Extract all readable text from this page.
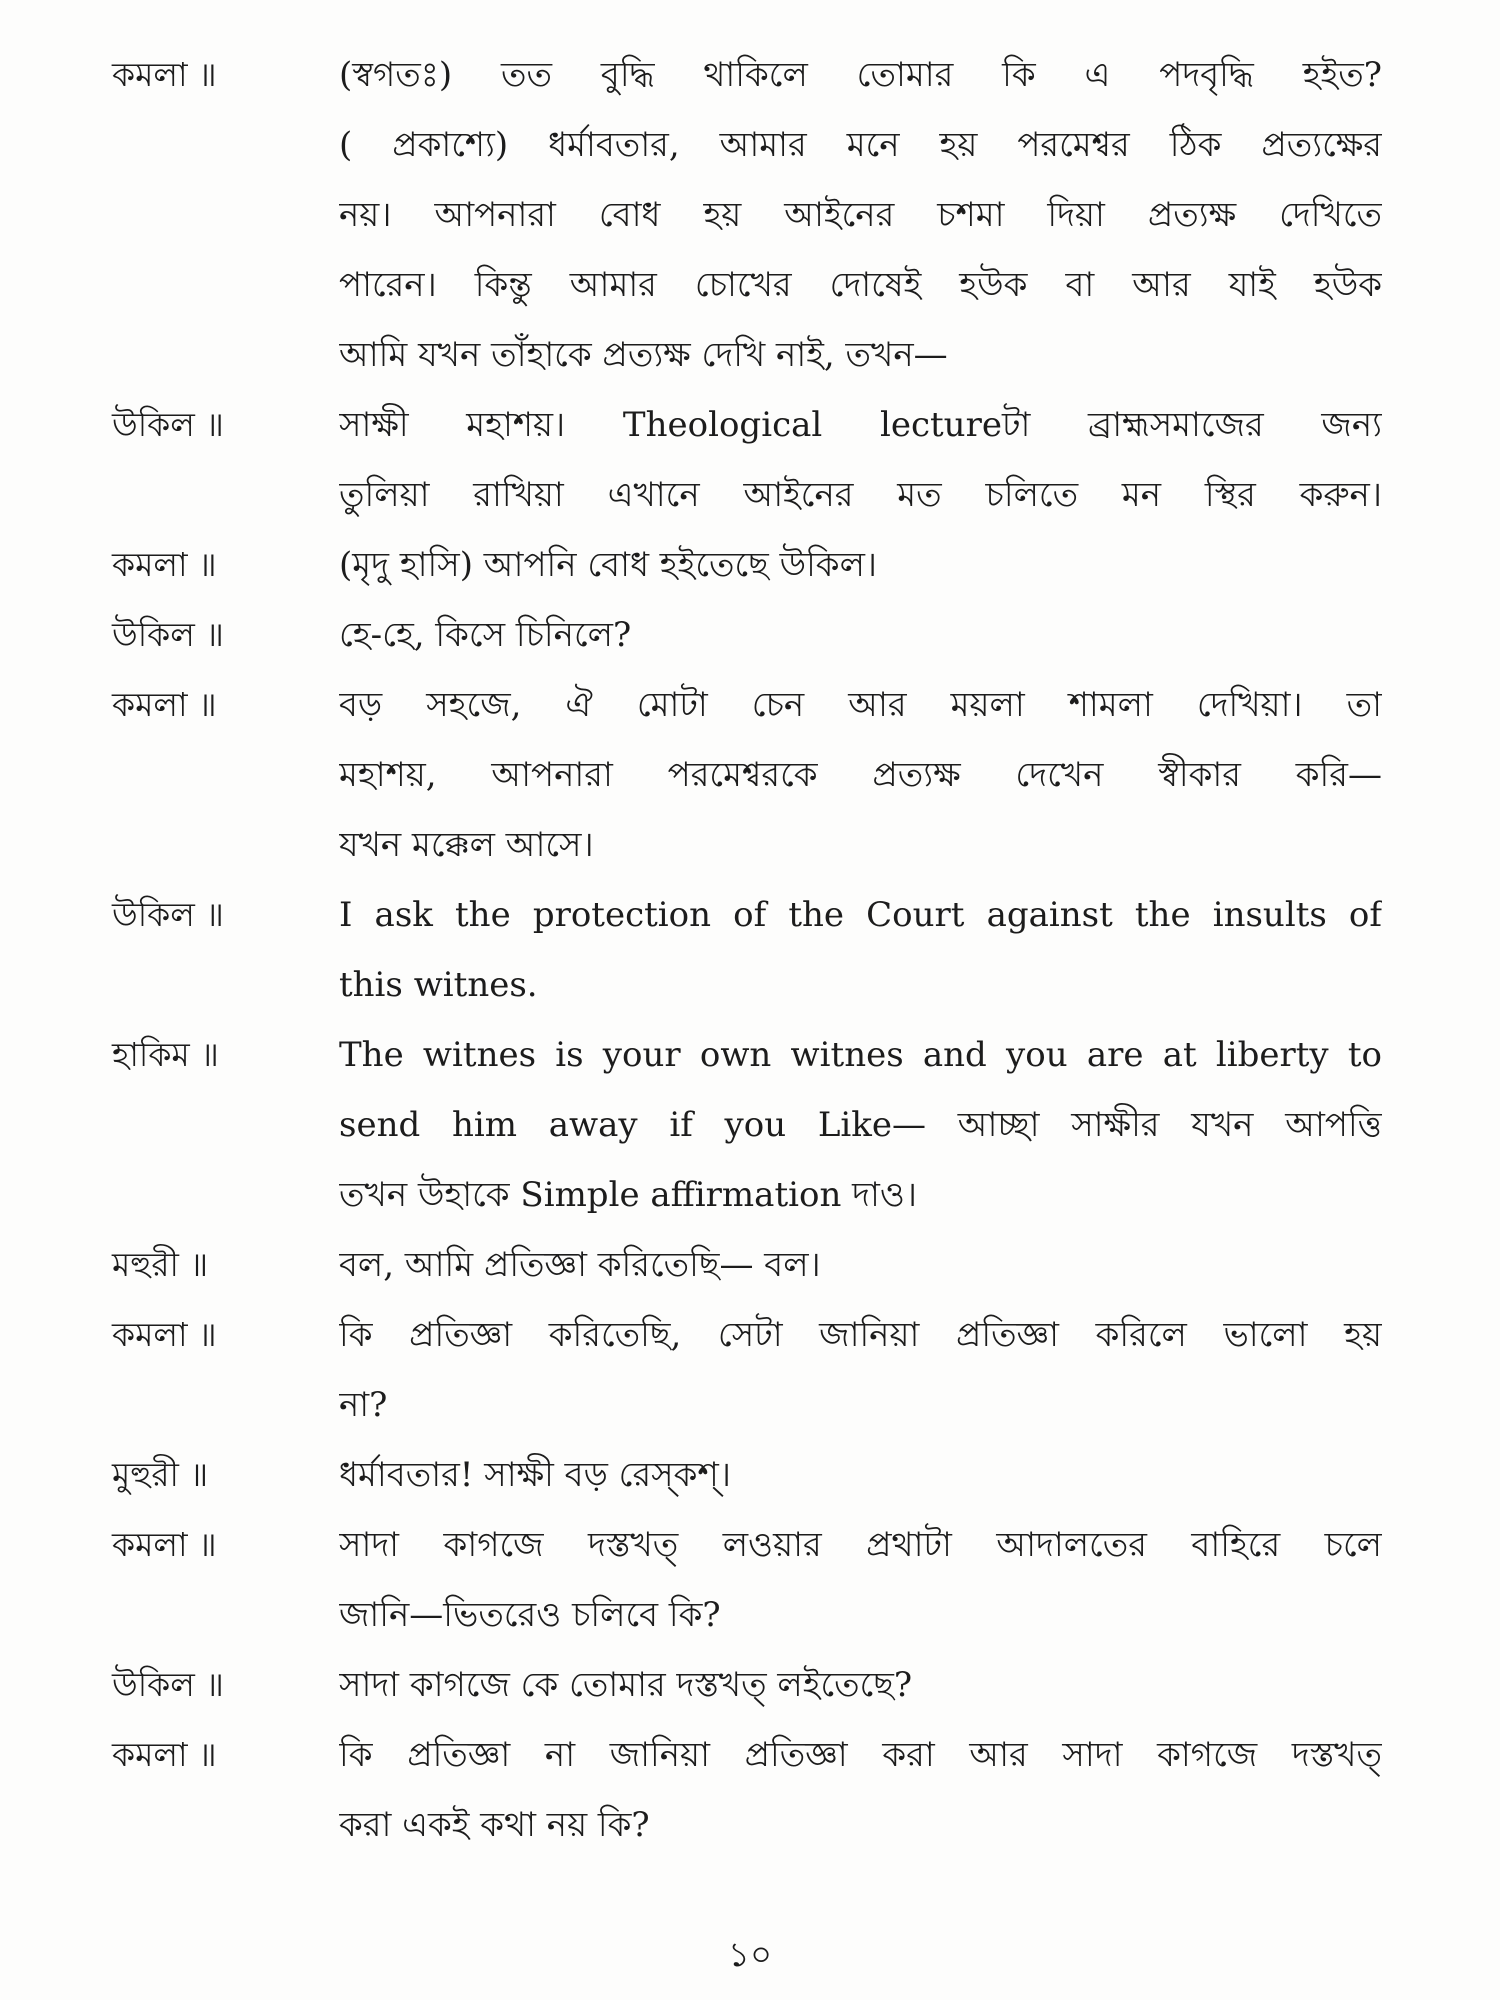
কমলা ॥	(স্বগতঃ) তত বুদ্ধি থাকিলে তোমার কি এ পদবৃদ্ধি হইত?
( প্রকাশ্যে) ধর্মাবতার, আমার মনে হয় পরমেশ্বর ঠিক প্রত্যক্ষের
নয়। আপনারা বোধ হয় আইনের চশমা দিয়া প্রত্যক্ষ দেখিতে
পারেন। কিন্তু আমার চোখের দোষেই হউক বা আর যাই হউক
আমি যখন তাঁহাকে প্রত্যক্ষ দেখি নাই, তখন—
উকিল ॥	সাক্ষী মহাশয়। Theological lectureটা ব্রাহ্মসমাজের জন্য
তুলিয়া রাখিয়া এখানে আইনের মত চলিতে মন স্থির করুন।
কমলা ॥	(মৃদু হাসি) আপনি বোধ হইতেছে উকিল।
উকিল ॥	হে-হে, কিসে চিনিলে?
কমলা ॥	বড় সহজে, ঐ মোটা চেন আর ময়লা শামলা দেখিয়া। তা
মহাশয়, আপনারা পরমেশ্বরকে প্রত্যক্ষ দেখেন স্বীকার করি—
যখন মক্কেল আসে।
উকিল ॥	I ask the protection of the Court against the insults of
this witnes.
হাকিম ॥	The witnes is your own witnes and you are at liberty to
send him away if you Like— আচ্ছা সাক্ষীর যখন আপত্তি
তখন উহাকে Simple affirmation দাও।
মহুরী ॥	বল, আমি প্রতিজ্ঞা করিতেছি— বল।
কমলা ॥	কি প্রতিজ্ঞা করিতেছি, সেটা জানিয়া প্রতিজ্ঞা করিলে ভালো হয়
না?
মুহুরী ॥	ধর্মাবতার! সাক্ষী বড় রেস্‌কশ্‌।
কমলা ॥	সাদা কাগজে দস্তখত্‌ লওয়ার প্রথাটা আদালতের বাহিরে চলে
জানি—ভিতরেও চলিবে কি?
উকিল ॥	সাদা কাগজে কে তোমার দস্তখত্‌ লইতেছে?
কমলা ॥	কি প্রতিজ্ঞা না জানিয়া প্রতিজ্ঞা করা আর সাদা কাগজে দস্তখত্‌
করা একই কথা নয় কি?
১০
